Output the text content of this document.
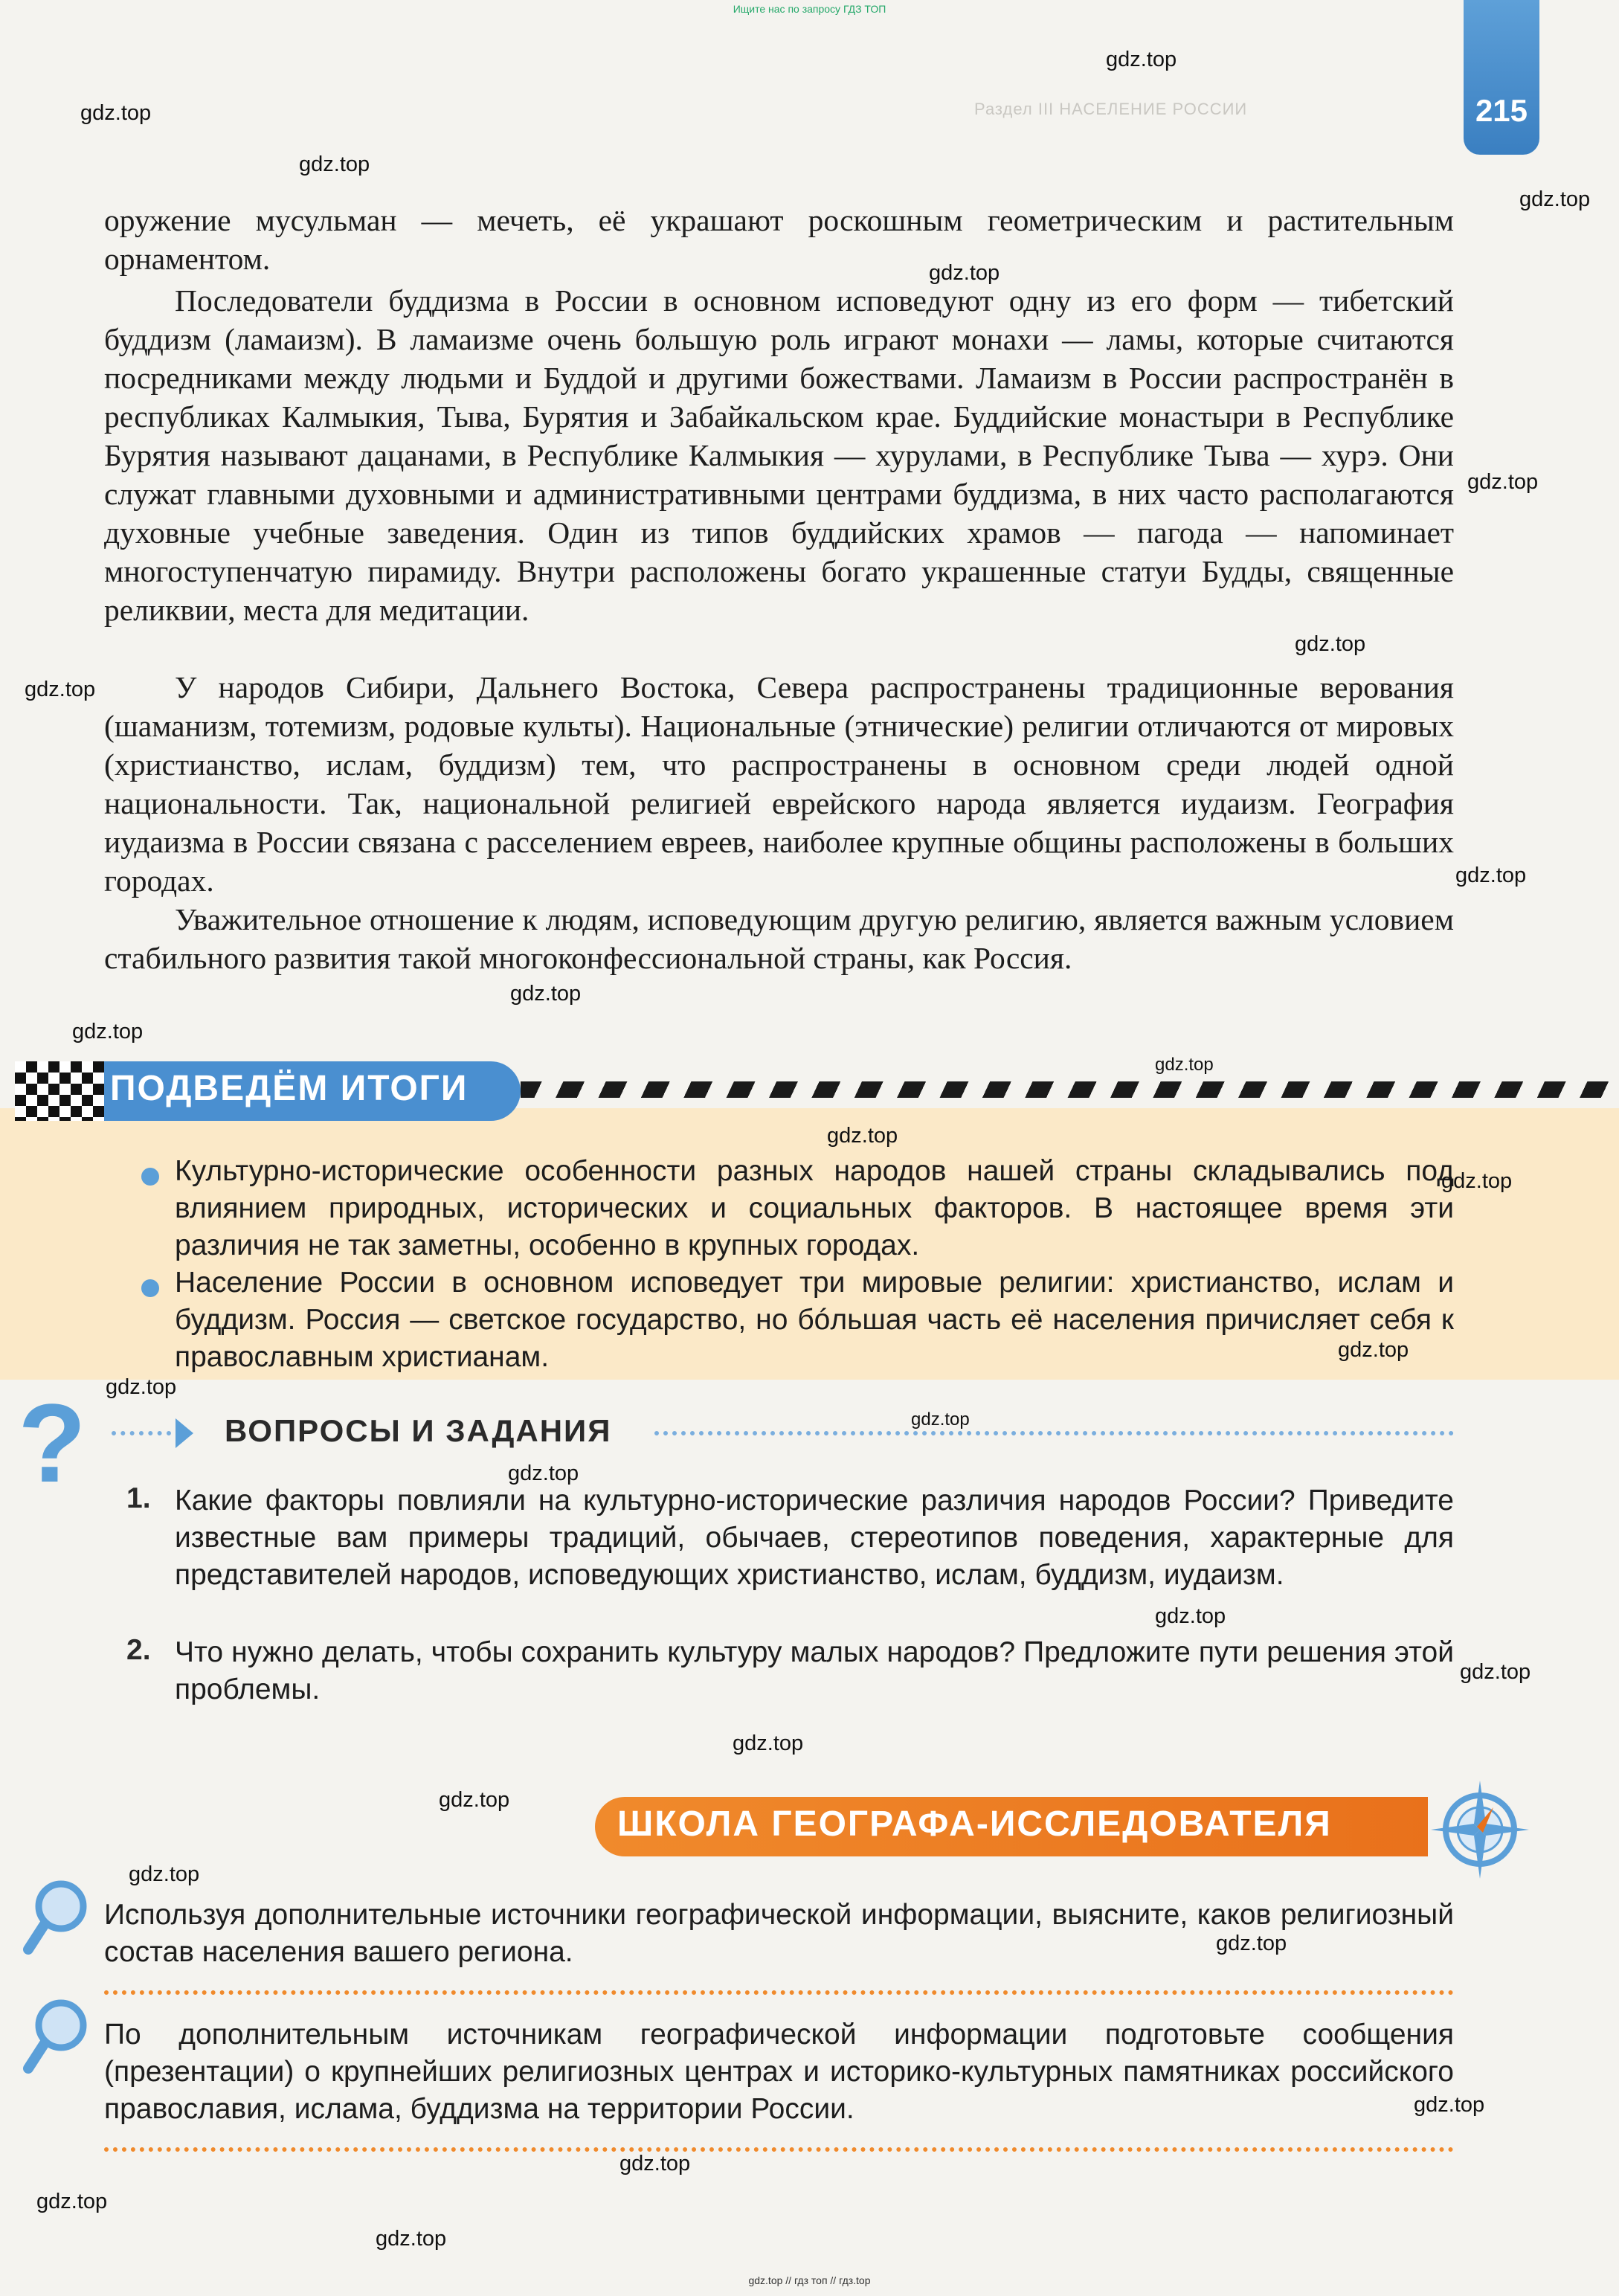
Ищите нас по запросу ГДЗ ТОП
215
Раздел III НАСЕЛЕНИЕ РОССИИ

оружение мусульман — мечеть, её украшают роскошным геометрическим и растительным орнаментом.

Последователи буддизма в России в основном исповедуют одну из его форм — тибетский буддизм (ламаизм). В ламаизме очень большую роль играют монахи — ламы, которые считаются посредниками между людьми и Буддой и другими божествами. Ламаизм в России распространён в республиках Калмыкия, Тыва, Бурятия и Забайкальском крае. Буддийские монастыри в Республике Бурятия называют дацанами, в Республике Калмыкия — хурулами, в Республике Тыва — хурэ. Они служат главными духовными и административными центрами буддизма, в них часто располагаются духовные учебные заведения. Один из типов буддийских храмов — пагода — напоминает многоступенчатую пирамиду. Внутри расположены богато украшенные статуи Будды, священные реликвии, места для медитации.

У народов Сибири, Дальнего Востока, Севера распространены традиционные верования (шаманизм, тотемизм, родовые культы). Национальные (этнические) религии отличаются от мировых (христианство, ислам, буддизм) тем, что распространены в основном среди людей одной национальности. Так, национальной религией еврейского народа является иудаизм. География иудаизма в России связана с расселением евреев, наиболее крупные общины расположены в больших городах.

Уважительное отношение к людям, исповедующим другую религию, является важным условием стабильного развития такой многоконфессиональной страны, как Россия.

ПОДВЕДЁМ ИТОГИ

Культурно-исторические особенности разных народов нашей страны складывались под влиянием природных, исторических и социальных факторов. В настоящее время эти различия не так заметны, особенно в крупных городах.

Население России в основном исповедует три мировые религии: христианство, ислам и буддизм. Россия — светское государство, но бóльшая часть её населения причисляет себя к православным христианам.

?	ВОПРОСЫ И ЗАДАНИЯ
1. Какие факторы повлияли на культурно-исторические различия народов России? Приведите известные вам примеры традиций, обычаев, стереотипов поведения, характерные для представителей народов, исповедующих христианство, ислам, буддизм, иудаизм.

2. Что нужно делать, чтобы сохранить культуру малых народов? Предложите пути решения этой проблемы.

ШКОЛА ГЕОГРАФА-ИССЛЕДОВАТЕЛЯ

Используя дополнительные источники географической информации, выясните, каков религиозный состав населения вашего региона.

По дополнительным источникам географической информации подготовьте сообщения (презентации) о крупнейших религиозных центрах и историко-культурных памятниках российского православия, ислама, буддизма на территории России.

gdz.top
gdz.top
gdz.top
gdz.top
gdz.top
gdz.top
gdz.top
gdz.top
gdz.top
gdz.top
gdz.top
gdz.top
gdz.top
gdz.top
gdz.top
gdz.top
gdz.top
gdz.top
gdz.top
gdz.top
gdz.top
gdz.top
gdz.top
gdz.top
gdz.top
gdz.top
gdz.top
gdz.top
gdz.top // гдз топ // гдз.top
